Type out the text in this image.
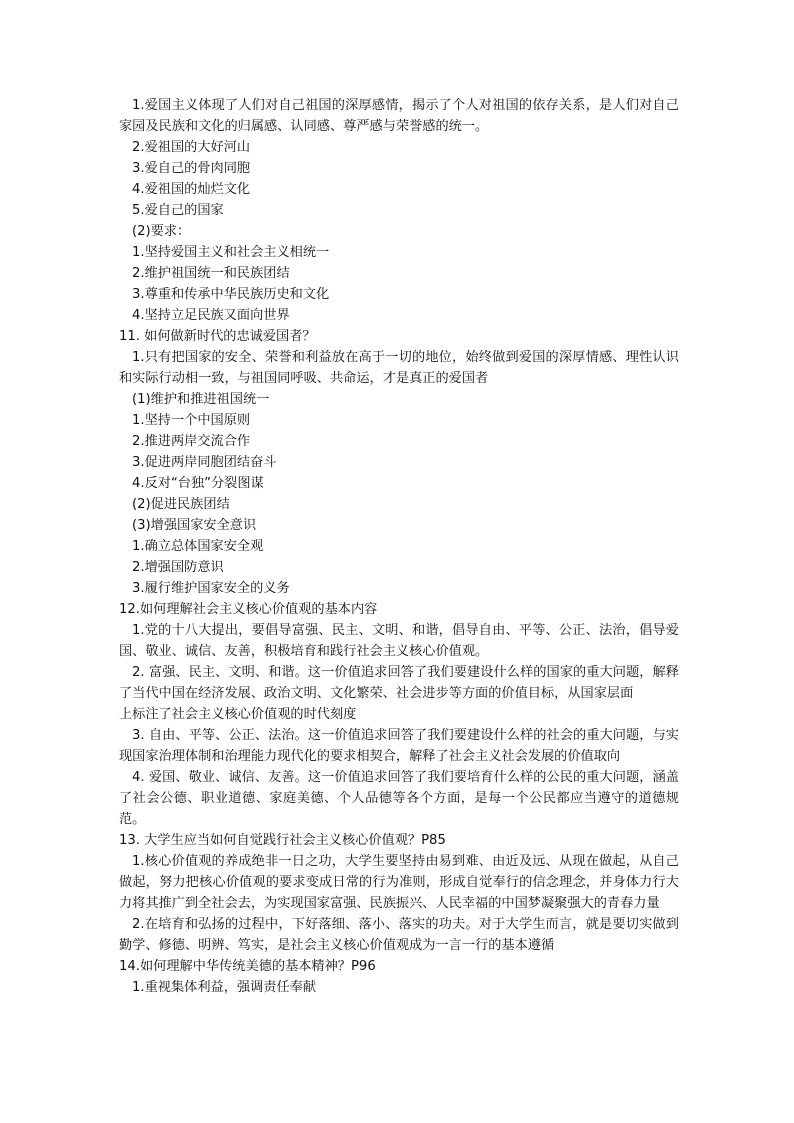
1.爱国主义体现了人们对自己祖国的深厚感情，揭示了个人对祖国的依存关系，是人们对自己家园及民族和文化的归属感、认同感、尊严感与荣誉感的统一。
2.爱祖国的大好河山
3.爱自己的骨肉同胞
4.爱祖国的灿烂文化
5.爱自己的国家
(2)要求：
1.坚持爱国主义和社会主义相统一
2.维护祖国统一和民族团结
3.尊重和传承中华民族历史和文化
4.坚持立足民族又面向世界
11. 如何做新时代的忠诚爱国者？
1.只有把国家的安全、荣誉和利益放在高于一切的地位，始终做到爱国的深厚情感、理性认识和实际行动相一致，与祖国同呼吸、共命运，才是真正的爱国者
(1)维护和推进祖国统一
1.坚持一个中国原则
2.推进两岸交流合作
3.促进两岸同胞团结奋斗
4.反对“台独”分裂图谋
(2)促进民族团结
(3)增强国家安全意识
1.确立总体国家安全观
2.增强国防意识
3.履行维护国家安全的义务
12.如何理解社会主义核心价值观的基本内容
1.党的十八大提出，要倡导富强、民主、文明、和谐，倡导自由、平等、公正、法治，倡导爱国、敬业、诚信、友善，积极培育和践行社会主义核心价值观。
2. 富强、民主、文明、和谐。这一价值追求回答了我们要建设什么样的国家的重大问题，解释了当代中国在经济发展、政治文明、文化繁荣、社会进步等方面的价值目标，从国家层面
上标注了社会主义核心价值观的时代刻度
3. 自由、平等、公正、法治。这一价值追求回答了我们要建设什么样的社会的重大问题，与实现国家治理体制和治理能力现代化的要求相契合，解释了社会主义社会发展的价值取向
4. 爱国、敬业、诚信、友善。这一价值追求回答了我们要培育什么样的公民的重大问题，涵盖了社会公德、职业道德、家庭美德、个人品德等各个方面，是每一个公民都应当遵守的道德规范。
13. 大学生应当如何自觉践行社会主义核心价值观？P85
1.核心价值观的养成绝非一日之功，大学生要坚持由易到难、由近及远、从现在做起，从自己做起，努力把核心价值观的要求变成日常的行为准则，形成自觉奉行的信念理念，并身体力行大力将其推广到全社会去，为实现国家富强、民族振兴、人民幸福的中国梦凝聚强大的青春力量
2.在培育和弘扬的过程中，下好落细、落小、落实的功夫。对于大学生而言，就是要切实做到勤学、修德、明辨、笃实，是社会主义核心价值观成为一言一行的基本遵循
14.如何理解中华传统美德的基本精神？P96
1.重视集体利益，强调责任奉献
